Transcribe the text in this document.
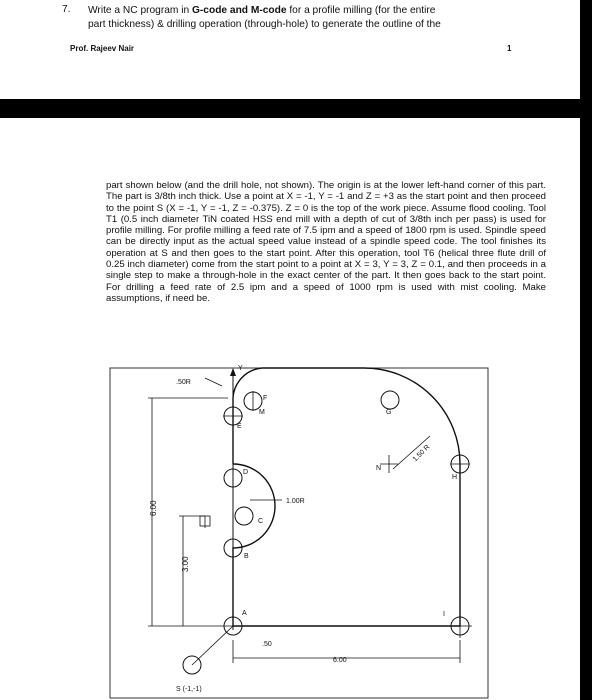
7. Write a NC program in G-code and M-code for a profile milling (for the entire
part thickness) & drilling operation (through-hole) to generate the outline of the
Prof. Rajeev Nair	1
part shown below (and the drill hole, not shown). The origin is at the lower left-hand corner of this part. The part is 3/8th inch thick. Use a point at X = -1, Y = -1 and Z = +3 as the start point and then proceed to the point S (X = -1, Y = -1, Z = -0.375). Z = 0 is the top of the work piece. Assume flood cooling. Tool T1 (0.5 inch diameter TiN coated HSS end mill with a depth of cut of 3/8th inch per pass) is used for profile milling. For profile milling a feed rate of 7.5 ipm and a speed of 1800 rpm is used. Spindle speed can be directly input as the actual speed value instead of a spindle speed code. The tool finishes its operation at S and then goes to the start point. After this operation, tool T6 (helical three flute drill of 0.25 inch diameter) come from the start point to a point at X = 3, Y = 3, Z = 0.1, and then proceeds in a single step to make a through-hole in the exact center of the part. It then goes back to the start point. For drilling a feed rate of 2.5 ipm and a speed of 1000 rpm is used with mist cooling. Make assumptions, if need be.
Y
.50R
1.00R
1.50 R
6.00
3.00
.50
6.00
A
B
C
D
E
M
F
G
N
H
I
S (-1,-1)
